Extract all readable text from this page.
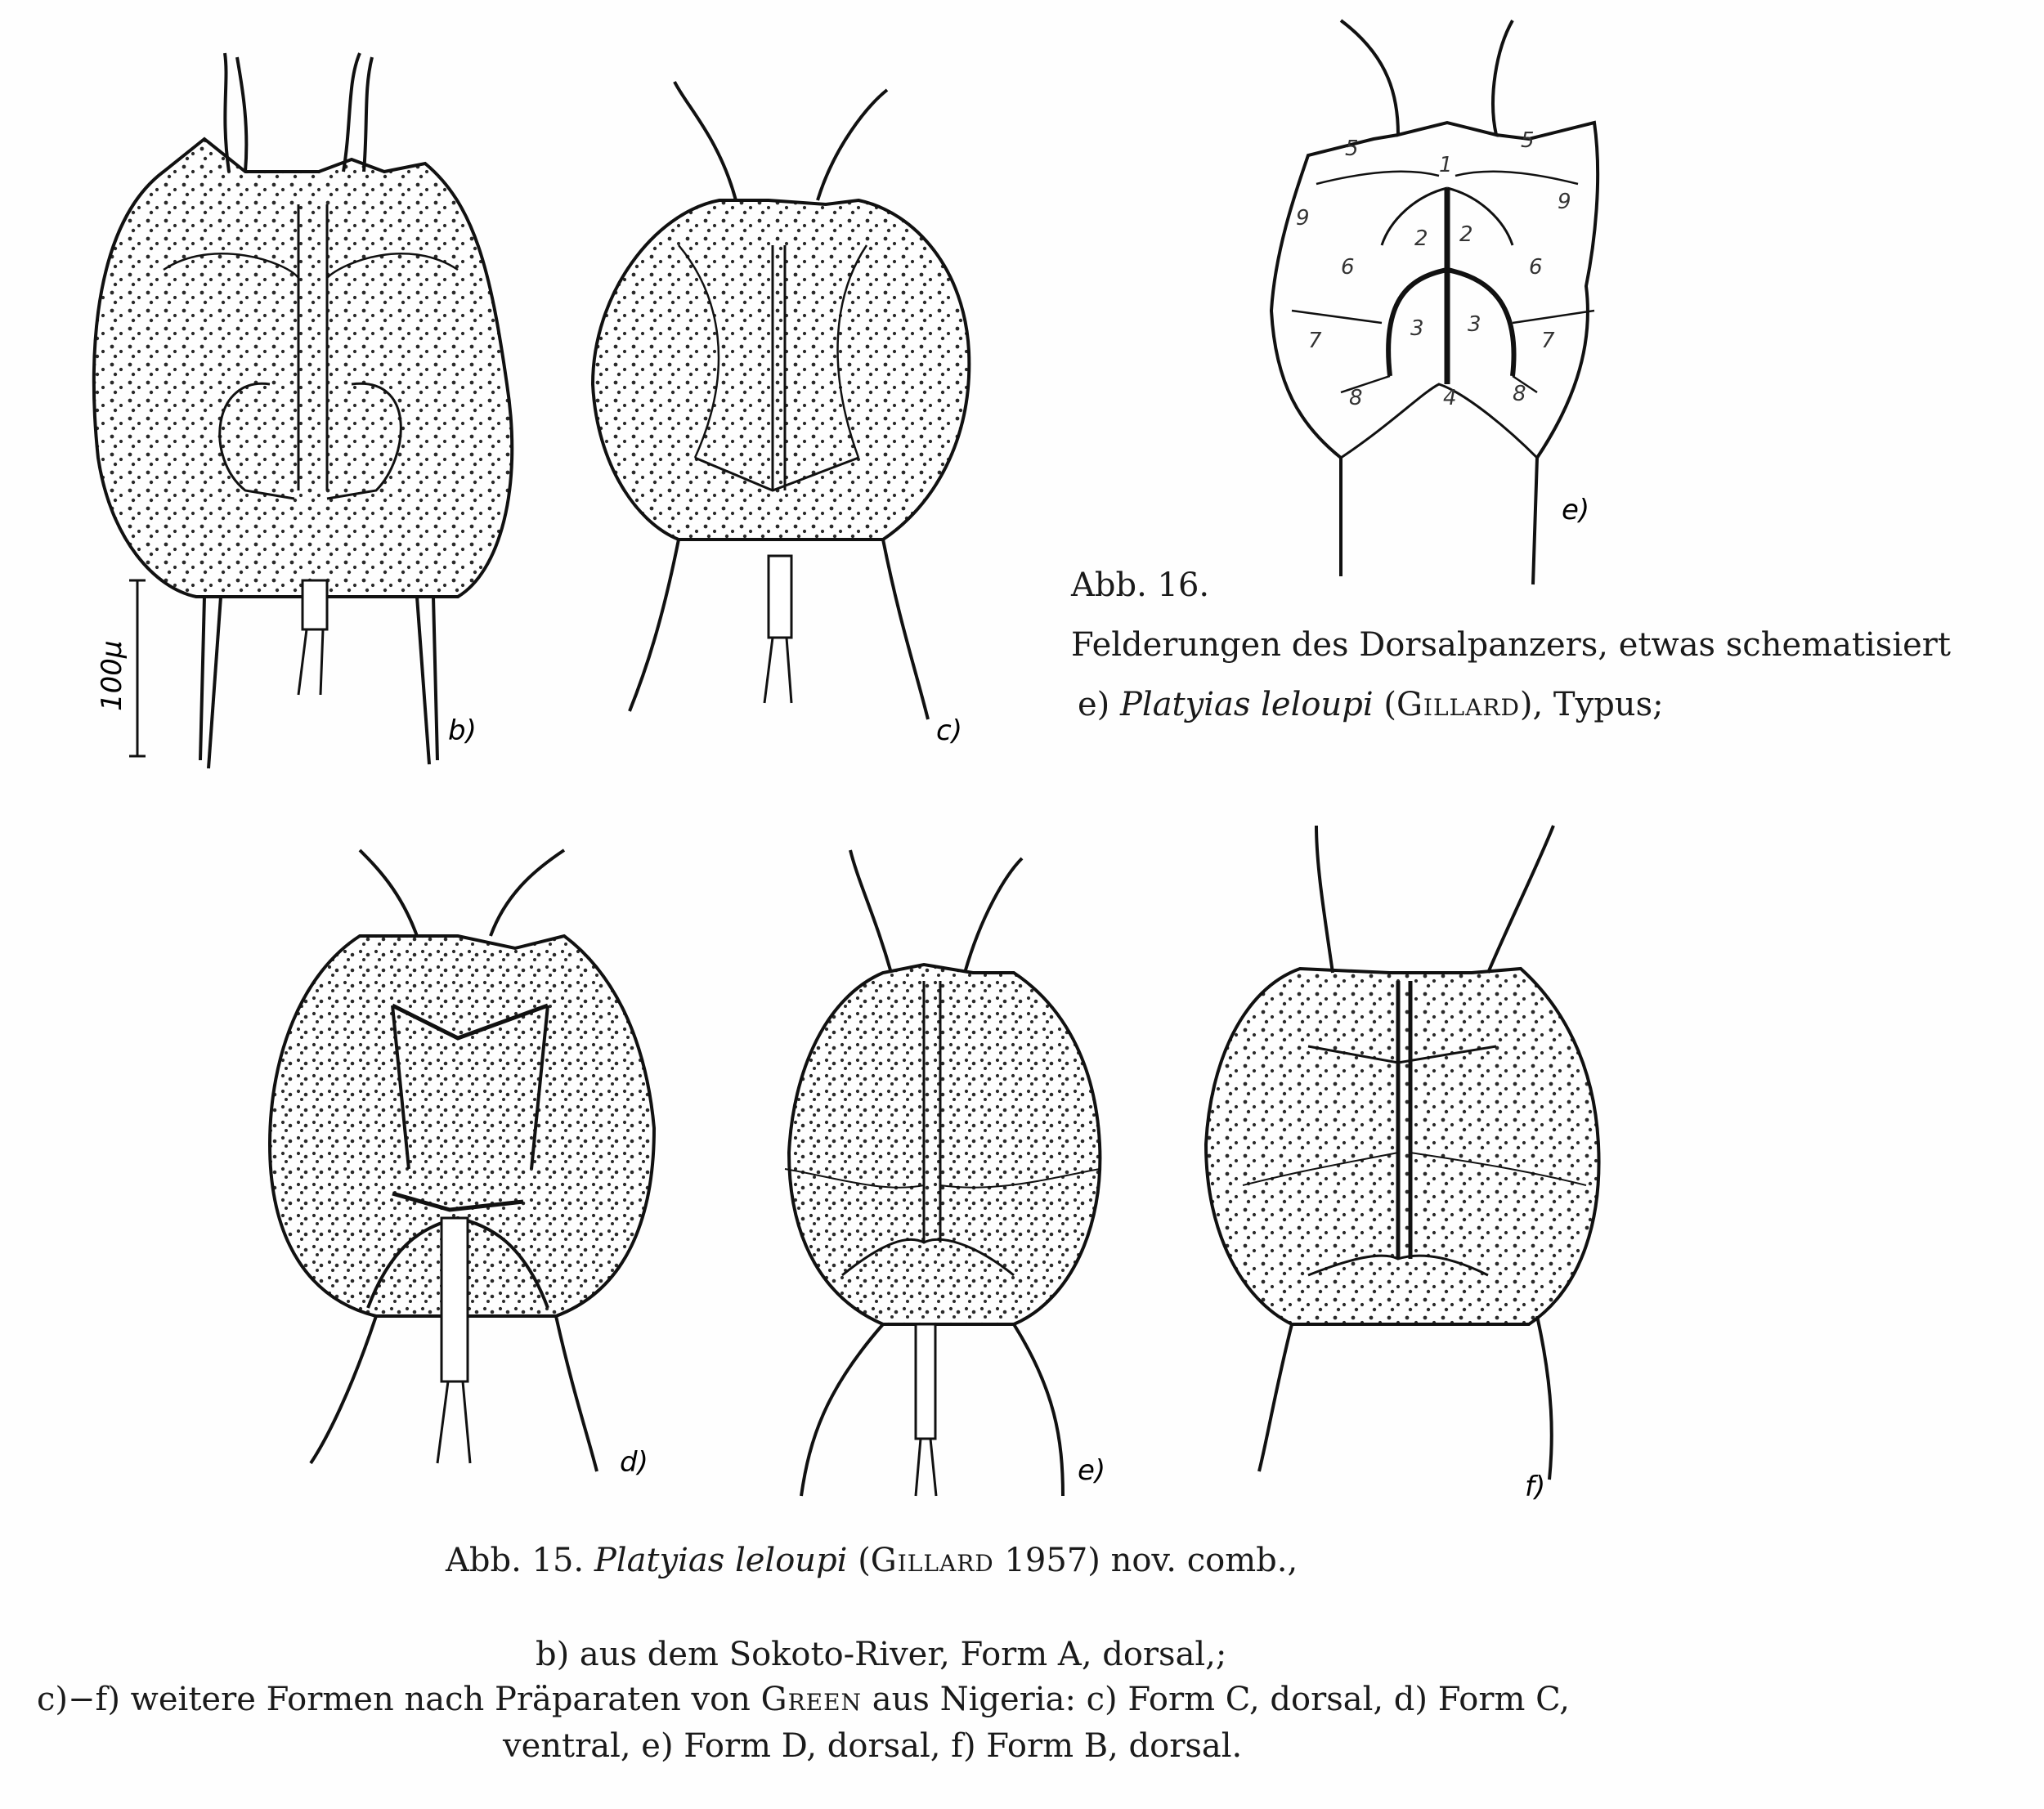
b)
100μ
c)
1
5	5
9
9
2 2
6	6
3 3
7	7
8	8
4
e)
d)	e)	f)
Abb. 16.
Felderungen des Dorsalpanzers, etwas schematisiert
e) Platyias leloupi (Gillard), Typus;
Abb. 15. Platyias leloupi (Gillard 1957) nov. comb.,
b) aus dem Sokoto-River, Form A, dorsal,;
c)−f) weitere Formen nach Präparaten von Green aus Nigeria: c) Form C, dorsal, d) Form C,
ventral, e) Form D, dorsal, f) Form B, dorsal.
